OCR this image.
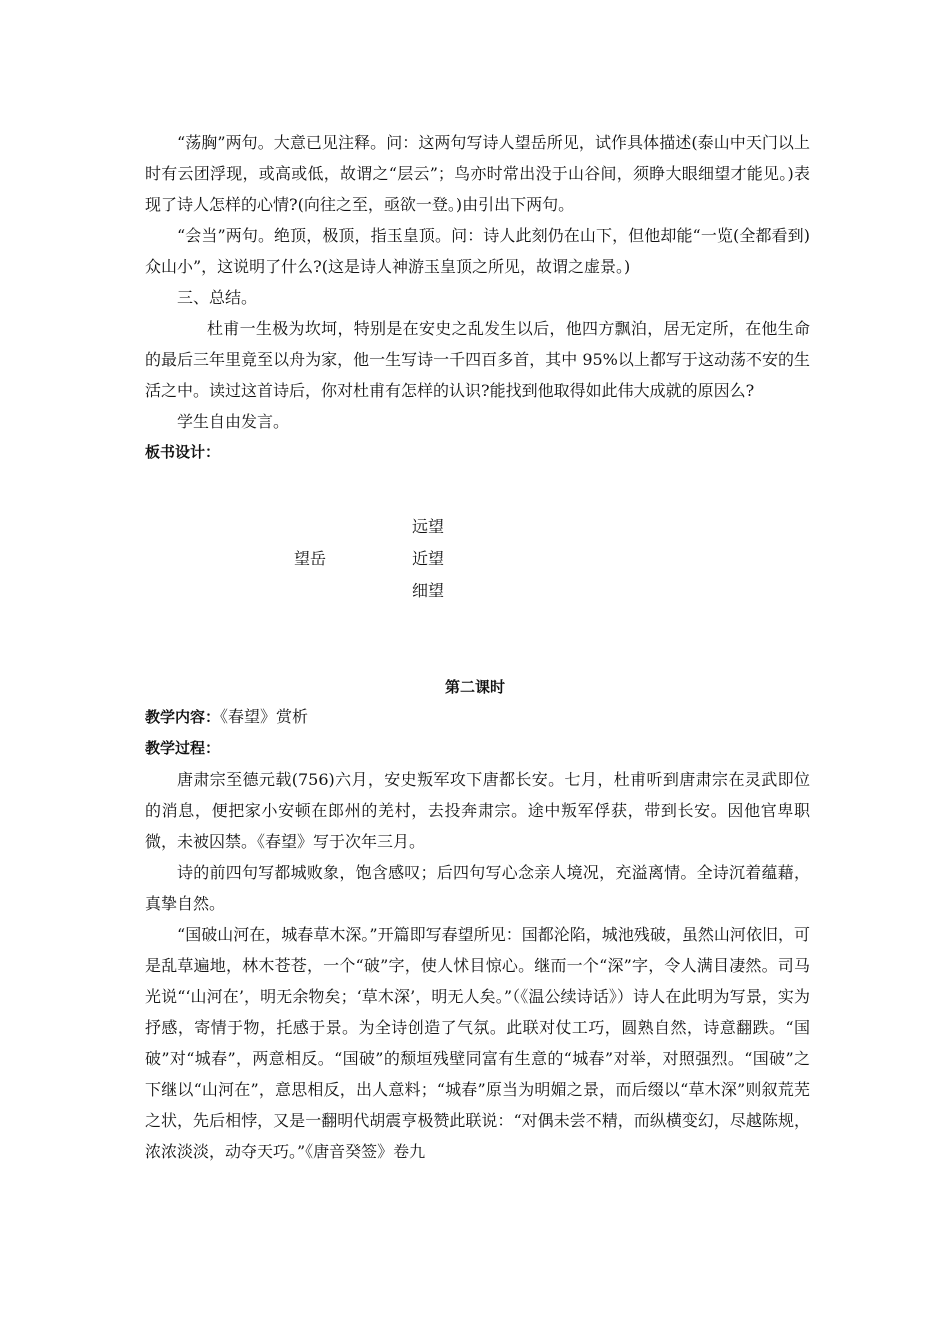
“荡胸”两句。大意已见注释。问：这两句写诗人望岳所见，试作具体描述(泰山中天门以上时有云团浮现，或高或低，故谓之“层云”；鸟亦时常出没于山谷间，须睁大眼细望才能见。)表现了诗人怎样的心情?(向往之至，亟欲一登。)由引出下两句。

“会当”两句。绝顶，极顶，指玉皇顶。问：诗人此刻仍在山下，但他却能“一览(全都看到)众山小”，这说明了什么?(这是诗人神游玉皇顶之所见，故谓之虚景。)

三、总结。

杜甫一生极为坎坷，特别是在安史之乱发生以后，他四方飘泊，居无定所，在他生命的最后三年里竟至以舟为家，他一生写诗一千四百多首，其中 95%以上都写于这动荡不安的生活之中。读过这首诗后，你对杜甫有怎样的认识?能找到他取得如此伟大成就的原因么?

学生自由发言。

板书设计：

望岳
远望
近望
细望
第二课时

教学内容：《春望》赏析

教学过程：

唐肃宗至德元载(756)六月，安史叛军攻下唐都长安。七月，杜甫听到唐肃宗在灵武即位的消息，便把家小安顿在郎州的羌村，去投奔肃宗。途中叛军俘获，带到长安。因他官卑职微，未被囚禁。《春望》写于次年三月。

诗的前四句写都城败象，饱含感叹；后四句写心念亲人境况，充溢离情。全诗沉着蕴藉，真挚自然。

“国破山河在，城春草木深。”开篇即写春望所见：国都沦陷，城池残破，虽然山河依旧，可是乱草遍地，林木苍苍，一个“破”字，使人怵目惊心。继而一个“深”字，令人满目凄然。司马光说“‘山河在’，明无余物矣；‘草木深’，明无人矣。”（《温公续诗话》）诗人在此明为写景，实为抒感，寄情于物，托感于景。为全诗创造了气氛。此联对仗工巧，圆熟自然，诗意翻跌。“国破”对“城春”，两意相反。“国破”的颓垣残壁同富有生意的“城春”对举，对照强烈。“国破”之下继以“山河在”，意思相反，出人意料；“城春”原当为明媚之景，而后缀以“草木深”则叙荒芜之状，先后相悖，又是一翻明代胡震亨极赞此联说：“对偶未尝不精，而纵横变幻，尽越陈规，浓浓淡淡，动夺天巧。”《唐音癸签》卷九
